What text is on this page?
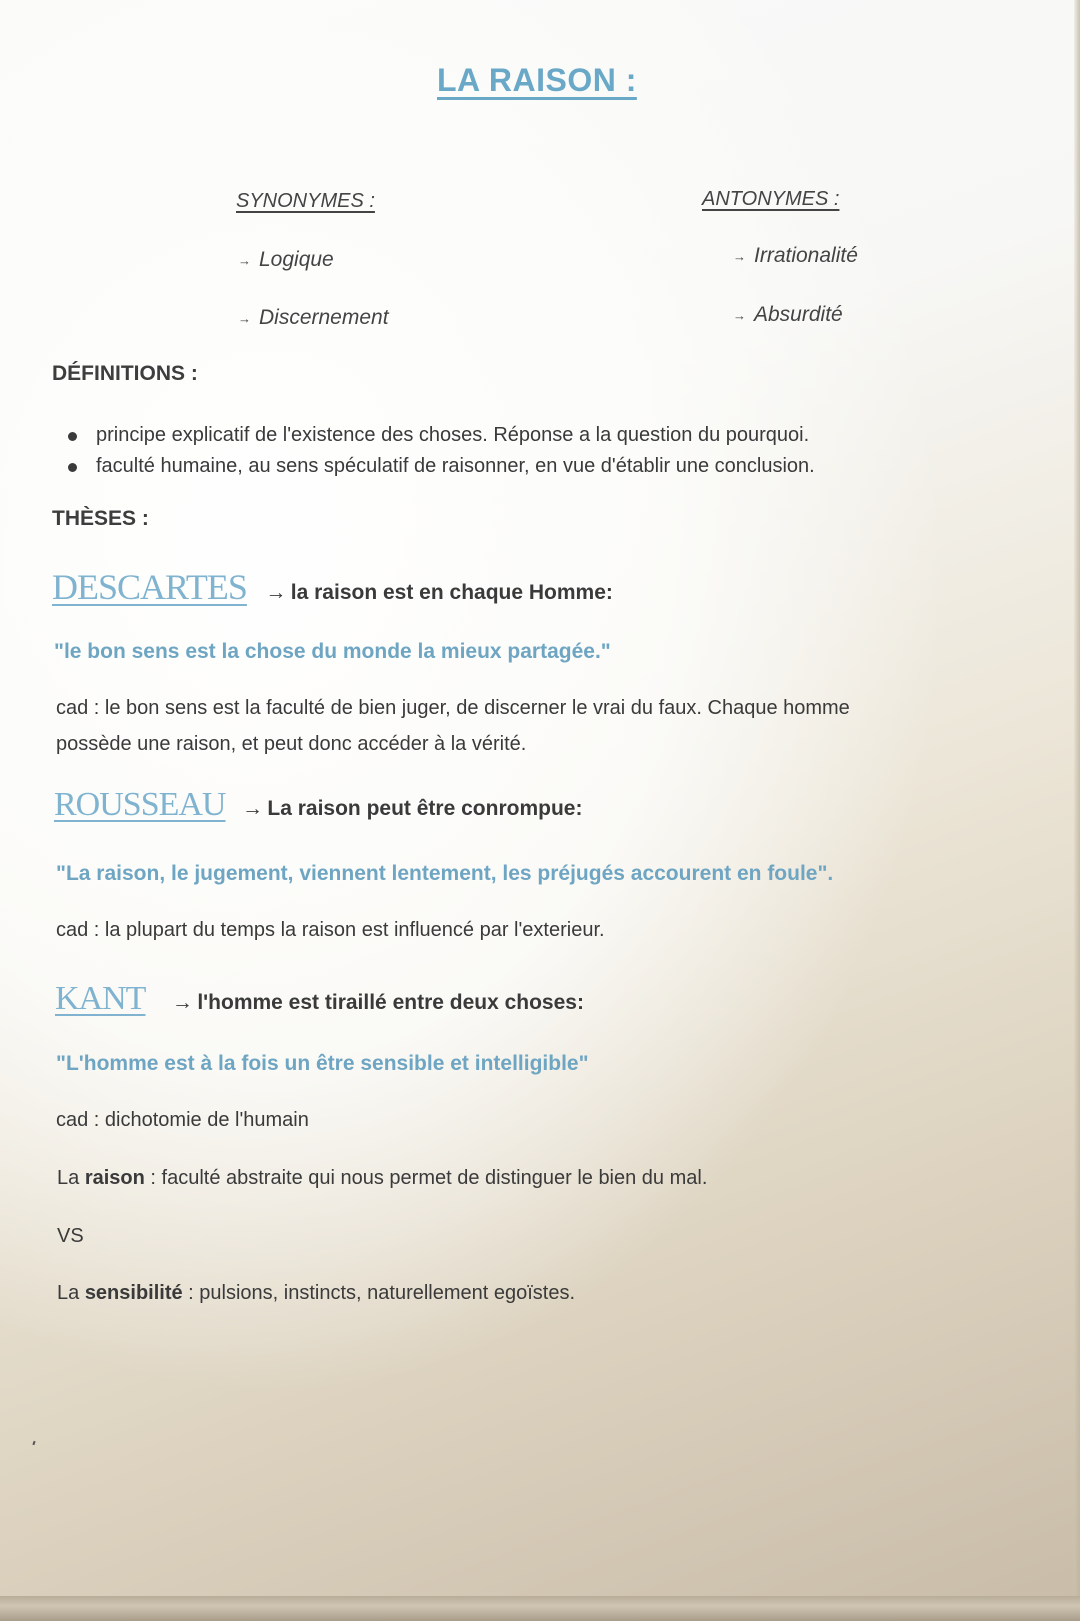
LA RAISON :
SYNONYMES :
→ Logique
→ Discernement
ANTONYMES :
→ Irrationalité
→ Absurdité
DÉFINITIONS :
principe explicatif de l'existence des choses. Réponse a la question du pourquoi.
faculté humaine, au sens spéculatif de raisonner, en vue d'établir une conclusion.
THÈSES :
DESCARTES → la raison est en chaque Homme:
"le bon sens est la chose du monde la mieux partagée."
cad : le bon sens est la faculté de bien juger, de discerner le vrai du faux. Chaque homme
possède une raison, et peut donc accéder à la vérité.
ROUSSEAU → La raison peut être conrompue:
"La raison, le jugement, viennent lentement, les préjugés accourent en foule".
cad : la plupart du temps la raison est influencé par l'exterieur.
KANT → l'homme est tiraillé entre deux choses:
"L'homme est à la fois un être sensible et intelligible"
cad : dichotomie de l'humain
La raison : faculté abstraite qui nous permet de distinguer le bien du mal.
VS
La sensibilité : pulsions, instincts, naturellement egoïstes.
